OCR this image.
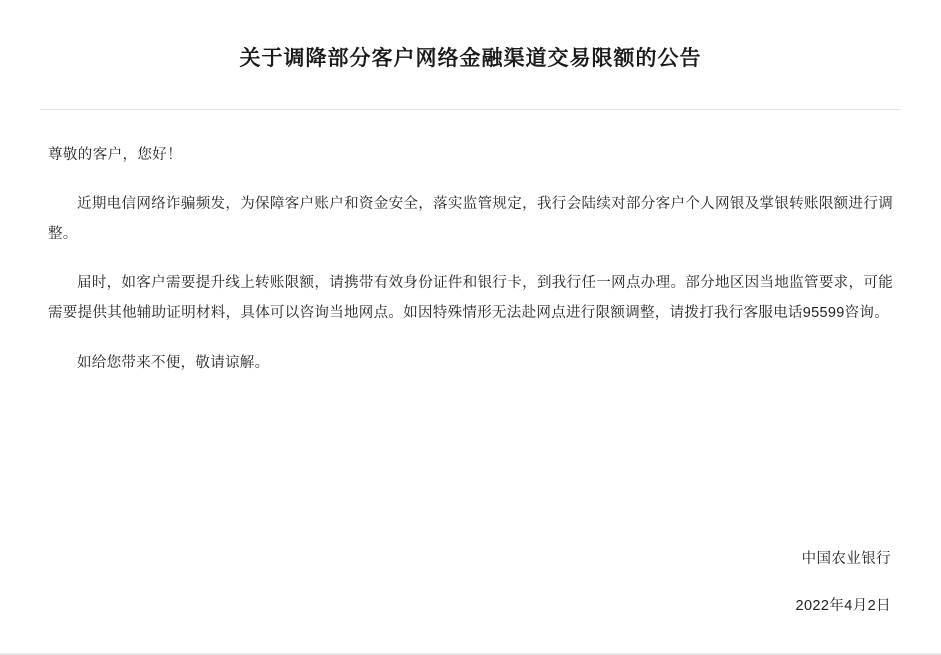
关于调降部分客户网络金融渠道交易限额的公告
尊敬的客户，您好！

近期电信网络诈骗频发，为保障客户账户和资金安全，落实监管规定，我行会陆续对部分客户个人网银及掌银转账限额进行调整。

届时，如客户需要提升线上转账限额，请携带有效身份证件和银行卡，到我行任一网点办理。部分地区因当地监管要求，可能需要提供其他辅助证明材料，具体可以咨询当地网点。如因特殊情形无法赴网点进行限额调整，请拨打我行客服电话95599咨询。

如给您带来不便，敬请谅解。

中国农业银行
2022年4月2日
